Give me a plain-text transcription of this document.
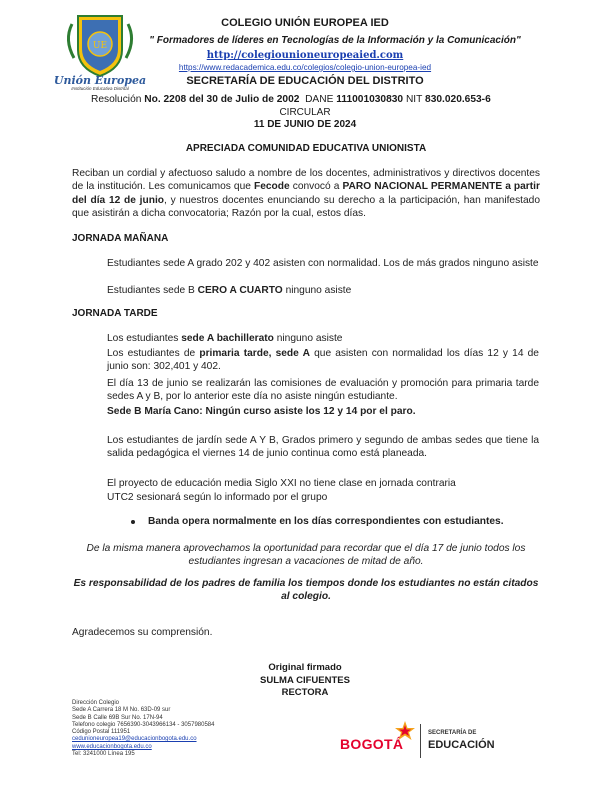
UE
Unión Europea
Institución Educativa Distrital
COLEGIO UNIÓN EUROPEA IED
" Formadores de líderes en Tecnologías de la Información y la Comunicación"
http://colegiounioneuropeaied.com
https://www.redacademica.edu.co/colegios/colegio-union-europea-ied
SECRETARÍA DE EDUCACIÓN DEL DISTRITO
Resolución No. 2208 del 30 de Julio de 2002 DANE 111001030830 NIT 830.020.653-6
CIRCULAR
11 DE JUNIO DE 2024
APRECIADA COMUNIDAD EDUCATIVA UNIONISTA
Reciban un cordial y afectuoso saludo a nombre de los docentes, administrativos y directivos docentes de la institución. Les comunicamos que Fecode convocó a PARO NACIONAL PERMANENTE a partir del día 12 de junio, y nuestros docentes enunciando su derecho a la participación, han manifestado que asistirán a dicha convocatoria; Razón por la cual, estos días.
JORNADA MAÑANA
Estudiantes sede A grado 202 y 402 asisten con normalidad. Los de más grados ninguno asiste
Estudiantes sede B CERO A CUARTO ninguno asiste
JORNADA TARDE
Los estudiantes sede A bachillerato ninguno asiste
Los estudiantes de primaria tarde, sede A que asisten con normalidad los días 12 y 14 de junio son: 302,401 y 402.
El día 13 de junio se realizarán las comisiones de evaluación y promoción para primaria tarde sedes A y B, por lo anterior este día no asiste ningún estudiante.
Sede B María Cano: Ningún curso asiste los 12 y 14 por el paro.
Los estudiantes de jardín sede A Y B, Grados primero y segundo de ambas sedes que tiene la salida pedagógica el viernes 14 de junio continua como está planeada.
El proyecto de educación media Siglo XXI no tiene clase en jornada contraria
UTC2 sesionará según lo informado por el grupo
Banda opera normalmente en los días correspondientes con estudiantes.
De la misma manera aprovechamos la oportunidad para recordar que el día 17 de junio todos los estudiantes ingresan a vacaciones de mitad de año.
Es responsabilidad de los padres de familia los tiempos donde los estudiantes no están citados al colegio.
Agradecemos su comprensión.
Original firmado
SULMA CIFUENTES
RECTORA
Dirección Colegio
Sede A Carrera 18 M No. 63D-09 sur
Sede B Calle 69B Sur No. 17N-94
Telefono colegio 7656390-3043966134 - 3057980584
Código Postal 111951
cedunioneuropea19@educacionbogota.edu.co
www.educacionbogota.edu.co
Tel: 3241000 Línea 195
BOGOTÁ
SECRETARÍA DE
EDUCACIÓN
